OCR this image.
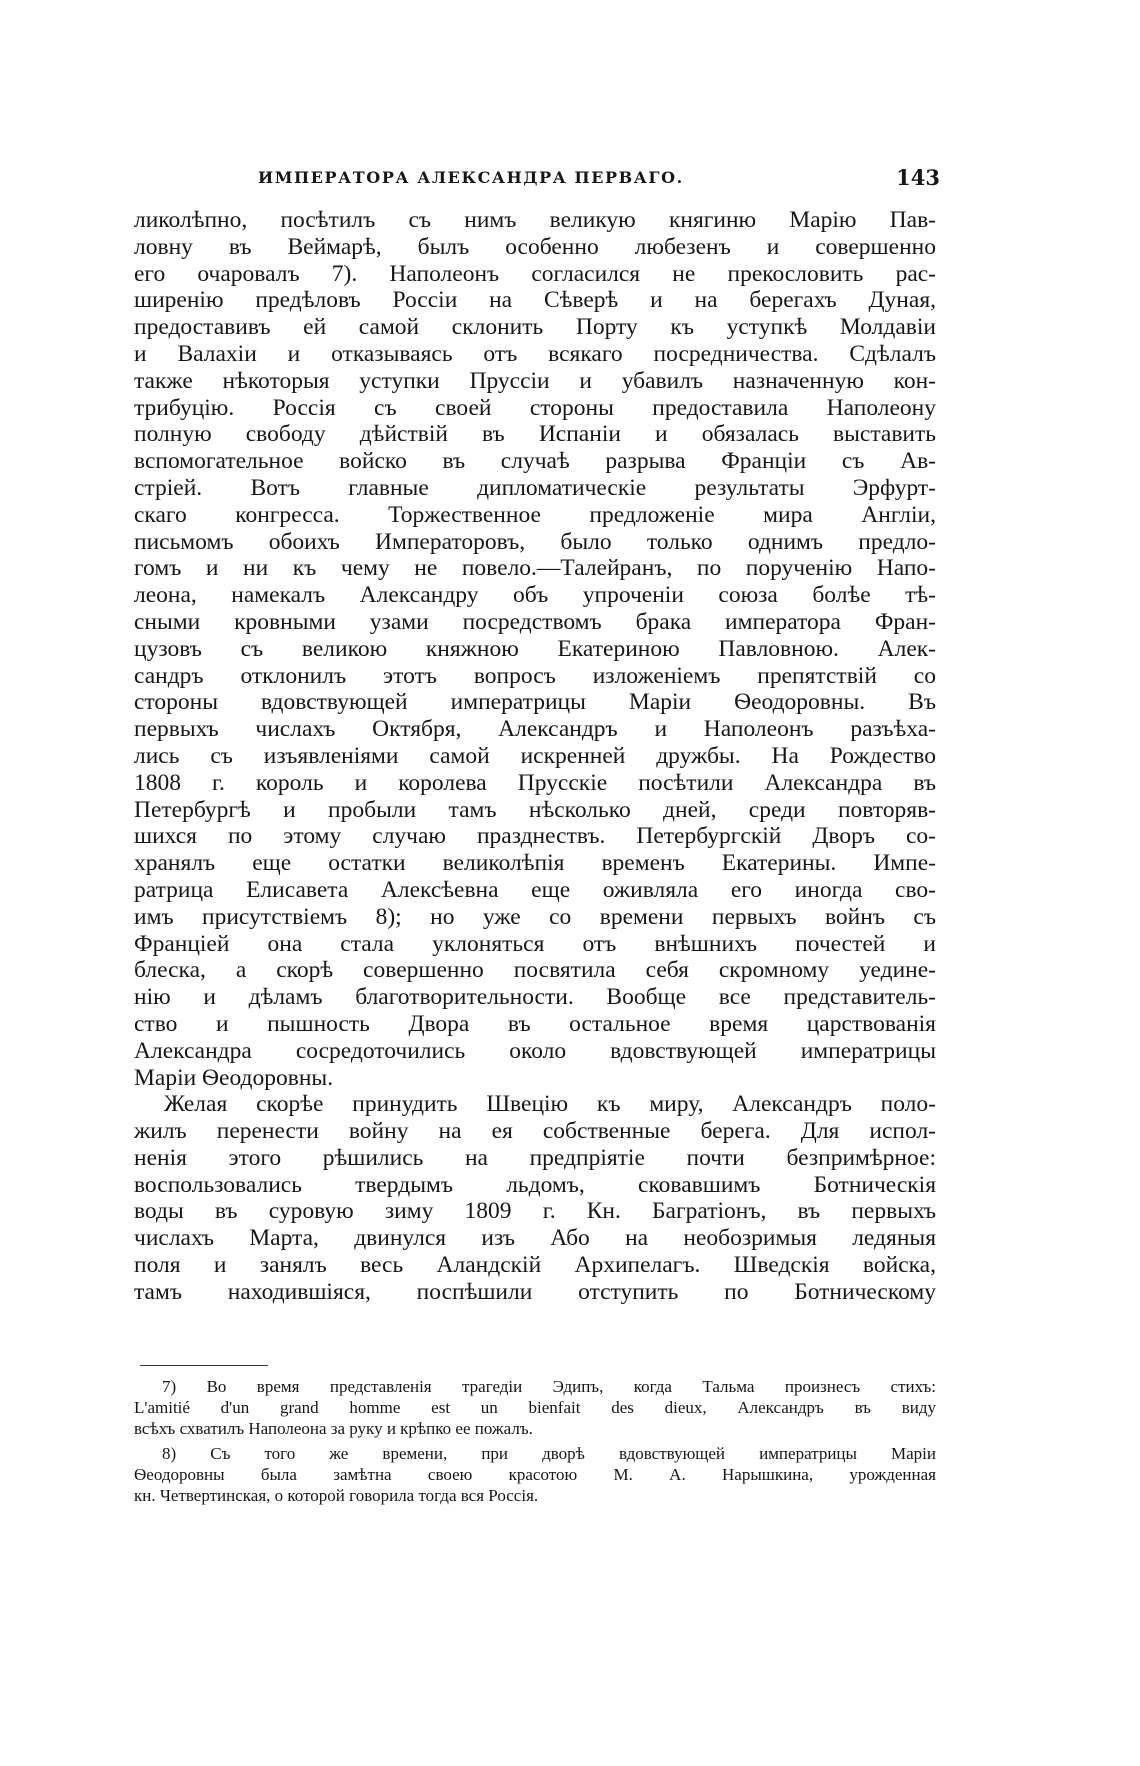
ИМПЕРАТОРА АЛЕКСАНДРА ПЕРВАГО.	143
ликолѣпно, посѣтилъ съ нимъ великую княгиню Марію Пав-
ловну въ Веймарѣ, былъ особенно любезенъ и совершенно
его очаровалъ 7). Наполеонъ согласился не прекословить рас-
ширенію предѣловъ Россіи на Сѣверѣ и на берегахъ Дуная,
предоставивъ ей самой склонить Порту къ уступкѣ Молдавіи
и Валахіи и отказываясь отъ всякаго посредничества. Сдѣлалъ
также нѣкоторыя уступки Пруссіи и убавилъ назначенную кон-
трибуцію. Россія съ своей стороны предоставила Наполеону
полную свободу дѣйствій въ Испаніи и обязалась выставить
вспомогательное войско въ случаѣ разрыва Франціи съ Ав-
стріей. Вотъ главные дипломатическіе результаты Эрфурт-
скаго конгресса. Торжественное предложеніе мира Англіи,
письмомъ обоихъ Императоровъ, было только однимъ предло-
гомъ и ни къ чему не повело.—Талейранъ, по порученію Напо-
леона, намекалъ Александру объ упроченіи союза болѣе тѣ-
сными кровными узами посредствомъ брака императора Фран-
цузовъ съ великою княжною Екатериною Павловною. Алек-
сандръ отклонилъ этотъ вопросъ изложеніемъ препятствій со
стороны вдовствующей императрицы Маріи Ѳеодоровны. Въ
первыхъ числахъ Октября, Александръ и Наполеонъ разъѣха-
лись съ изъявленіями самой искренней дружбы. На Рождество
1808 г. король и королева Прусскіе посѣтили Александра въ
Петербургѣ и пробыли тамъ нѣсколько дней, среди повторяв-
шихся по этому случаю празднествъ. Петербургскій Дворъ со-
хранялъ еще остатки великолѣпія временъ Екатерины. Импе-
ратрица Елисавета Алексѣевна еще оживляла его иногда сво-
имъ присутствіемъ 8); но уже со времени первыхъ войнъ съ
Франціей она стала уклоняться отъ внѣшнихъ почестей и
блеска, а скорѣ совершенно посвятила себя скромному уедине-
нію и дѣламъ благотворительности. Вообще все представитель-
ство и пышность Двора въ остальное время царствованія
Александра сосредоточились около вдовствующей императрицы
Маріи Ѳеодоровны.
Желая скорѣе принудить Швецію къ миру, Александръ поло-
жилъ перенести войну на ея собственные берега. Для испол-
ненія этого рѣшились на предпріятіе почти безпримѣрное:
воспользовались твердымъ льдомъ, сковавшимъ Ботническія
воды въ суровую зиму 1809 г. Кн. Багратіонъ, въ первыхъ
числахъ Марта, двинулся изъ Або на необозримыя ледяныя
поля и занялъ весь Аландскій Архипелагъ. Шведскія войска,
тамъ находившіяся, поспѣшили отступить по Ботническому
7) Во время представленія трагедіи Эдипъ, когда Тальма произнесъ стихъ:
L'amitié d'un grand homme est un bienfait des dieux, Александръ въ виду
всѣхъ схватилъ Наполеона за руку и крѣпко ее пожалъ.
8) Съ того же времени, при дворѣ вдовствующей императрицы Маріи
Ѳеодоровны была замѣтна своею красотою М. А. Нарышкина, урожденная
кн. Четвертинская, о которой говорила тогда вся Россія.
